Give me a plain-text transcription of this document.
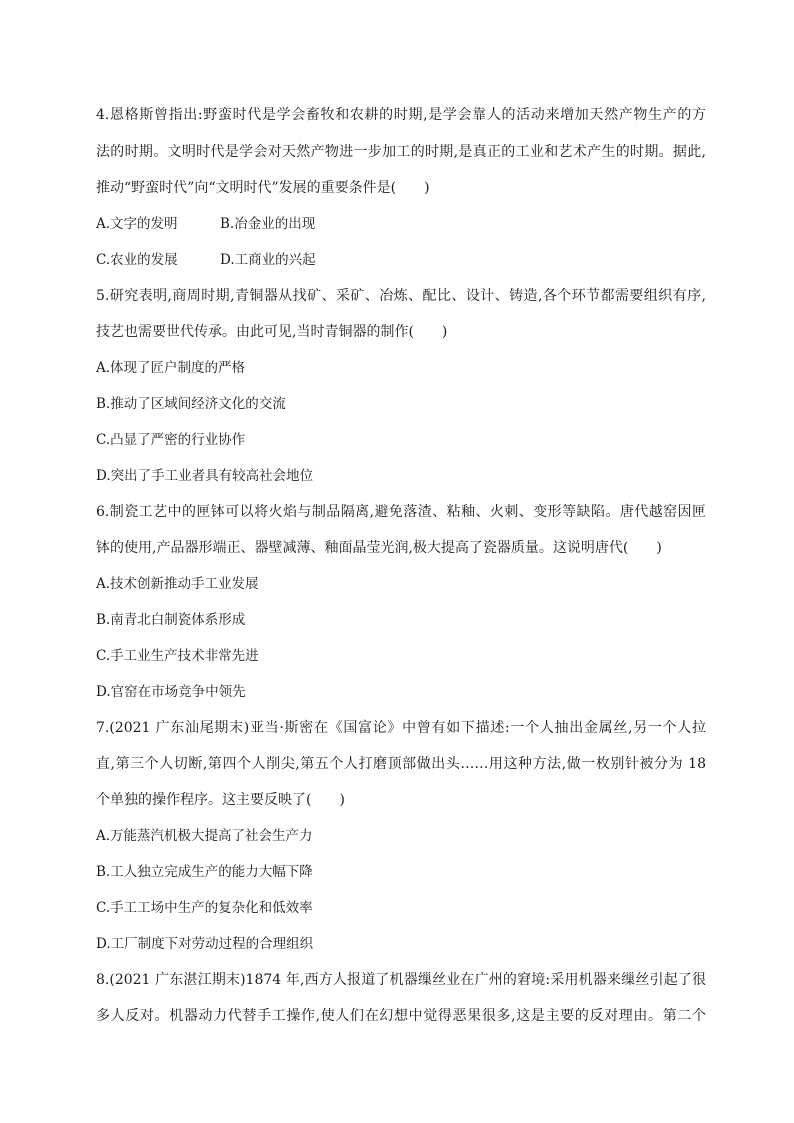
4.恩格斯曾指出:野蛮时代是学会畜牧和农耕的时期,是学会靠人的活动来增加天然产物生产的方
法的时期。文明时代是学会对天然产物进一步加工的时期,是真正的工业和艺术产生的时期。据此,
推动“野蛮时代”向“文明时代”发展的重要条件是(　　)
A.文字的发明	B.冶金业的出现
C.农业的发展	D.工商业的兴起
5.研究表明,商周时期,青铜器从找矿、采矿、冶炼、配比、设计、铸造,各个环节都需要组织有序,
技艺也需要世代传承。由此可见,当时青铜器的制作(　　)
A.体现了匠户制度的严格
B.推动了区域间经济文化的交流
C.凸显了严密的行业协作
D.突出了手工业者具有较高社会地位
6.制瓷工艺中的匣钵可以将火焰与制品隔离,避免落渣、粘釉、火刺、变形等缺陷。唐代越窑因匣
钵的使用,产品器形端正、器壁减薄、釉面晶莹光润,极大提高了瓷器质量。这说明唐代(　　)
A.技术创新推动手工业发展
B.南青北白制瓷体系形成
C.手工业生产技术非常先进
D.官窑在市场竞争中领先
7.(2021 广东汕尾期末)亚当·斯密在《国富论》中曾有如下描述:一个人抽出金属丝,另一个人拉
直,第三个人切断,第四个人削尖,第五个人打磨顶部做出头……用这种方法,做一枚别针被分为 18
个单独的操作程序。这主要反映了(　　)
A.万能蒸汽机极大提高了社会生产力
B.工人独立完成生产的能力大幅下降
C.手工工场中生产的复杂化和低效率
D.工厂制度下对劳动过程的合理组织
8.(2021 广东湛江期末)1874 年,西方人报道了机器缫丝业在广州的窘境:采用机器来缫丝引起了很
多人反对。机器动力代替手工操作,使人们在幻想中觉得恶果很多,这是主要的反对理由。第二个
